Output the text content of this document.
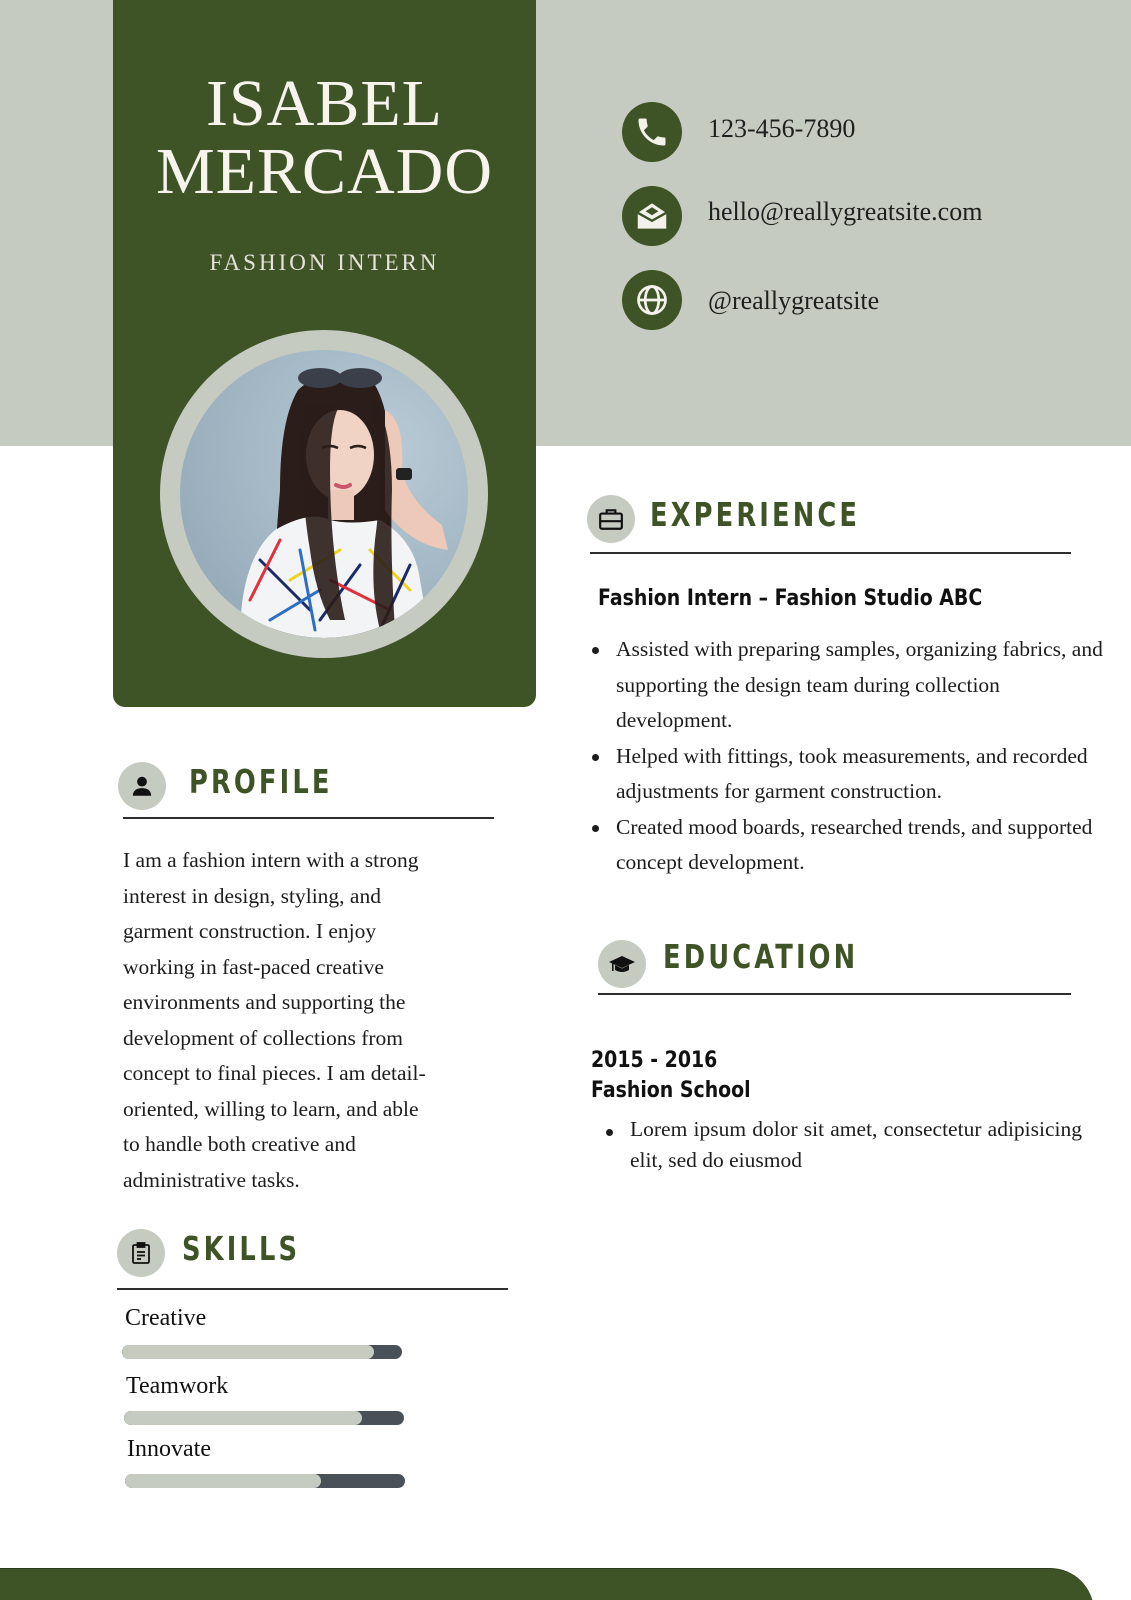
ISABEL
MERCADO
FASHION INTERN
123-456-7890
hello@reallygreatsite.com
@reallygreatsite
PROFILE
I am a fashion intern with a strong
interest in design, styling, and
garment construction. I enjoy
working in fast-paced creative
environments and supporting the
development of collections from
concept to final pieces. I am detail-
oriented, willing to learn, and able
to handle both creative and
administrative tasks.
SKILLS
Creative
Teamwork
Innovate
EXPERIENCE
Fashion Intern – Fashion Studio ABC
Assisted with preparing samples, organizing fabrics, and supporting the design team during collection development.
Helped with fittings, took measurements, and recorded adjustments for garment construction.
Created mood boards, researched trends, and supported concept development.
EDUCATION
2015 - 2016
Fashion School
Lorem ipsum dolor sit amet, consectetur adipisicing elit, sed do eiusmod
